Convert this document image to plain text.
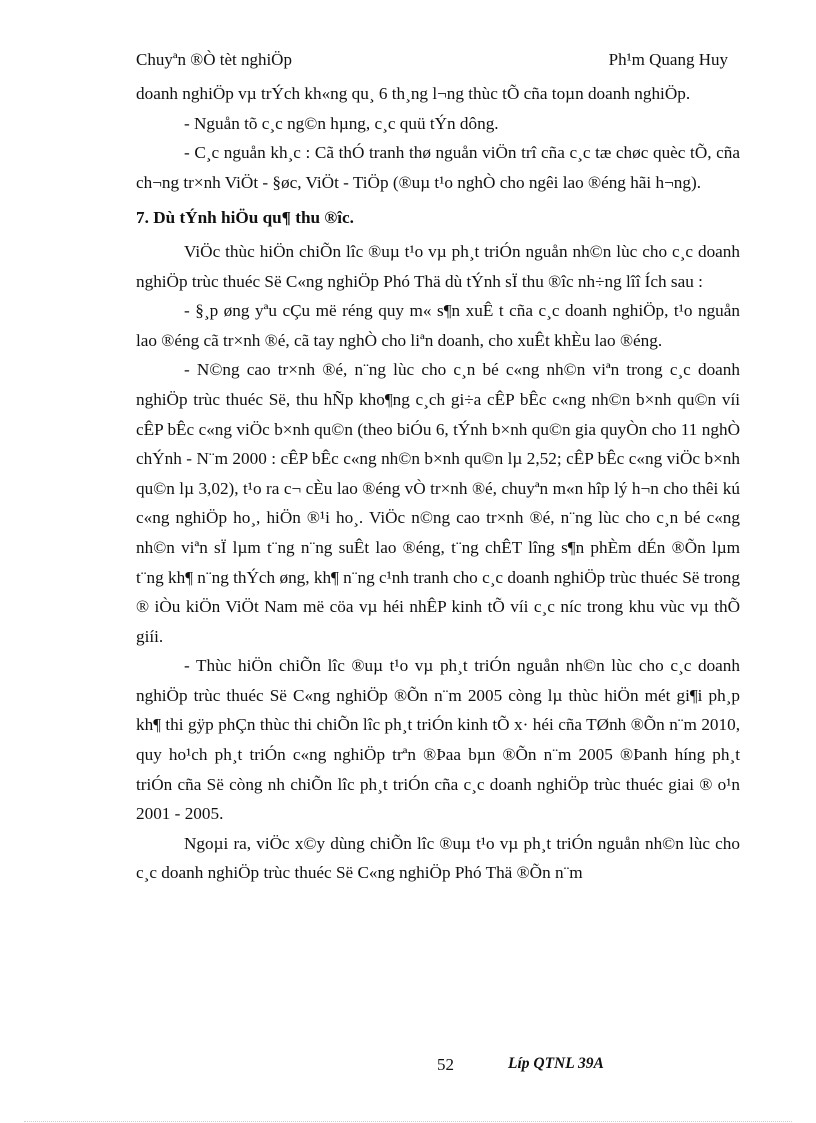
Chuyªn ®Ò tèt nghiÖp	Ph¹m Quang Huy

doanh nghiÖp vµ trÝch kh«ng qu¸ 6 th¸ng l¬ng thùc tÕ cña toµn doanh nghiÖp.

- Nguån tõ c¸c ng©n hµng, c¸c quü tÝn dông.

- C¸c nguån kh¸c : Cã thÓ tranh thø nguån viÖn trî cña c¸c tæ chøc quèc tÕ, cña ch¬ng tr×nh ViÖt - §øc, ViÖt - TiÖp (®uµ t¹o nghÒ cho ngêi lao ®éng hãi h¬ng).

7. Dù tÝnh hiÖu qu¶ thu ®îc.

ViÖc thùc hiÖn chiÕn lîc ®uµ t¹o vµ ph¸t triÓn nguån nh©n lùc cho c¸c doanh nghiÖp trùc thuéc Së C«ng nghiÖp Phó Thä dù tÝnh sÏ thu ®îc nh÷ng lîî Ích sau :

- §¸p øng yªu cÇu më réng quy m« s¶n xuÊ t cña c¸c doanh nghiÖp, t¹o nguån lao ®éng cã tr×nh ®é, cã tay nghÒ cho liªn doanh, cho xuÊt khÈu lao ®éng.

- N©ng cao tr×nh ®é, n¨ng lùc cho c¸n bé c«ng nh©n viªn trong c¸c doanh nghiÖp trùc thuéc Së, thu hÑp kho¶ng c¸ch gi÷a cÊP bÊc c«ng nh©n b×nh qu©n víi cÊP bÊc c«ng viÖc b×nh qu©n (theo biÓu 6, tÝnh b×nh qu©n gia quyÒn cho 11 nghÒ chÝnh - N¨m 2000 : cÊP bÊc c«ng nh©n b×nh qu©n lµ 2,52; cÊP bÊc c«ng viÖc b×nh qu©n lµ 3,02), t¹o ra c¬ cÈu lao ®éng vÒ tr×nh ®é, chuyªn m«n hîp lý h¬n cho thêi kú c«ng nghiÖp ho¸, hiÖn ®¹i ho¸. ViÖc n©ng cao tr×nh ®é, n¨ng lùc cho c¸n bé c«ng nh©n viªn sÏ lµm t¨ng n¨ng suÊt lao ®éng, t¨ng chÊT lîng s¶n phÈm dÉn ®Õn lµm t¨ng kh¶ n¨ng thÝch øng, kh¶ n¨ng c¹nh tranh cho c¸c doanh nghiÖp trùc thuéc Së trong ® iÒu kiÖn ViÖt Nam më cöa vµ héi nhÊP kinh tÕ víi c¸c níc trong khu vùc vµ thÕ giíi.

- Thùc hiÖn chiÕn lîc ®uµ t¹o vµ ph¸t triÓn nguån nh©n lùc cho c¸c doanh nghiÖp trùc thuéc Së C«ng nghiÖp ®Õn n¨m 2005 còng lµ thùc hiÖn mét gi¶i ph¸p kh¶ thi gÿp phÇn thùc thi chiÕn lîc ph¸t triÓn kinh tÕ x· héi cña TØnh ®Õn n¨m 2010, quy ho¹ch ph¸t triÓn c«ng nghiÖp trªn ®Þaa bµn ®Õn n¨m 2005 ®Þanh híng ph¸t triÓn cña Së còng nh chiÕn lîc ph¸t triÓn cña c¸c doanh nghiÖp trùc thuéc giai ® o¹n 2001 - 2005.

Ngoµi ra, viÖc x©y dùng chiÕn lîc ®uµ t¹o vµ ph¸t triÓn nguån nh©n lùc cho c¸c doanh nghiÖp trùc thuéc Së C«ng nghiÖp Phó Thä ®Õn n¨m

52	Líp QTNL 39A
